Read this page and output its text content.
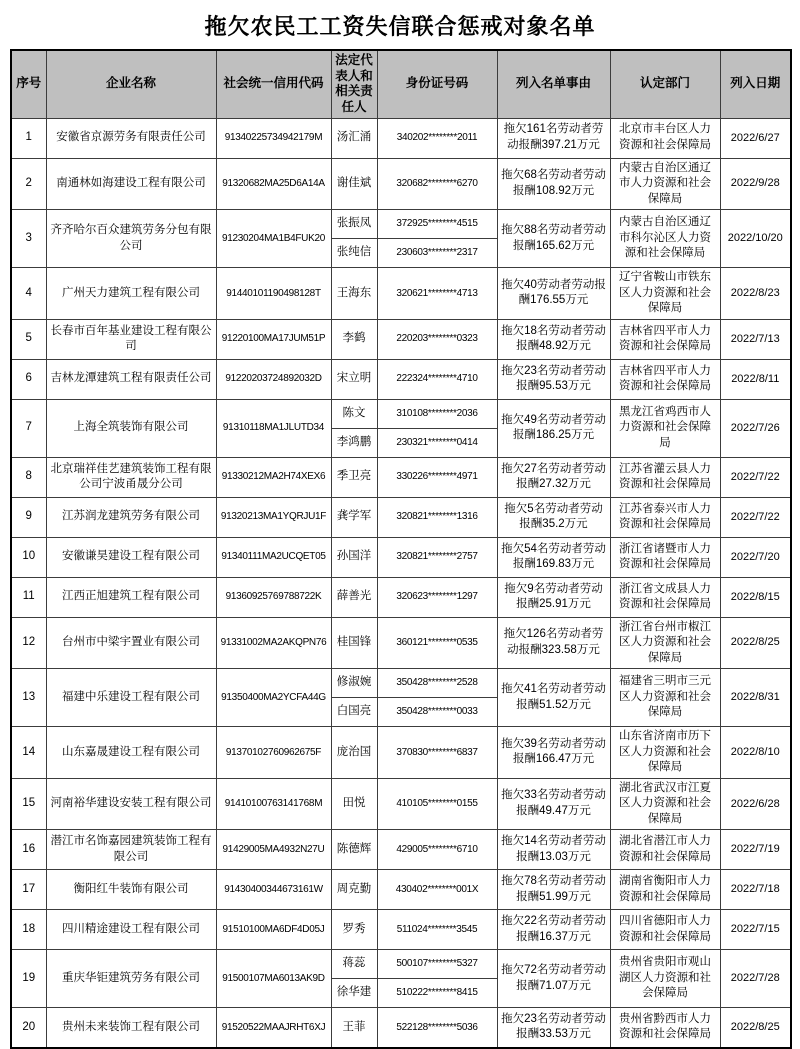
拖欠农民工工资失信联合惩戒对象名单
序号	企业名称	社会统一信用代码	法定代表人和相关责任人	身份证号码	列入名单事由	认定部门	列入日期
1	安徽省京源劳务有限责任公司	91340225734942179M	汤汇涌	340202********2011	拖欠161名劳动者劳动报酬397.21万元	北京市丰台区人力资源和社会保障局	2022/6/27
2	南通林如海建设工程有限公司	91320682MA25D6A14A	谢佳斌	320682********6270	拖欠68名劳动者劳动报酬108.92万元	内蒙古自治区通辽市人力资源和社会保障局	2022/9/28
3	齐齐哈尔百众建筑劳务分包有限公司	91230204MA1B4FUK20	张振凤	372925********4515	拖欠88名劳动者劳动报酬165.62万元	内蒙古自治区通辽市科尔沁区人力资源和社会保障局	2022/10/20
			张纯信	230603********2317			
4	广州天力建筑工程有限公司	91440101190498128T	王海东	320621********4713	拖欠40劳动者劳动报酬176.55万元	辽宁省鞍山市铁东区人力资源和社会保障局	2022/8/23
5	长春市百年基业建设工程有限公司	91220100MA17JUM51P	李鹤	220203********0323	拖欠18名劳动者劳动报酬48.92万元	吉林省四平市人力资源和社会保障局	2022/7/13
6	吉林龙潭建筑工程有限责任公司	91220203724892032D	宋立明	222324********4710	拖欠23名劳动者劳动报酬95.53万元	吉林省四平市人力资源和社会保障局	2022/8/11
7	上海全筑装饰有限公司	91310118MA1JLUTD34	陈文	310108********2036	拖欠49名劳动者劳动报酬186.25万元	黑龙江省鸡西市人力资源和社会保障局	2022/7/26
			李鸿鹏	230321********0414			
8	北京瑞祥佳艺建筑装饰工程有限公司宁波甬晟分公司	91330212MA2H74XEX6	季卫亮	330226********4971	拖欠27名劳动者劳动报酬27.32万元	江苏省灌云县人力资源和社会保障局	2022/7/22
9	江苏润龙建筑劳务有限公司	91320213MA1YQRJU1F	龚学军	320821********1316	拖欠5名劳动者劳动报酬35.2万元	江苏省泰兴市人力资源和社会保障局	2022/7/22
10	安徽谦昊建设工程有限公司	91340111MA2UCQET05	孙国洋	320821********2757	拖欠54名劳动者劳动报酬169.83万元	浙江省诸暨市人力资源和社会保障局	2022/7/20
11	江西正旭建筑工程有限公司	91360925769788722K	薛善光	320623********1297	拖欠9名劳动者劳动报酬25.91万元	浙江省文成县人力资源和社会保障局	2022/8/15
12	台州市中梁宇置业有限公司	91331002MA2AKQPN76	桂国锋	360121********0535	拖欠126名劳动者劳动报酬323.58万元	浙江省台州市椒江区人力资源和社会保障局	2022/8/25
13	福建中乐建设工程有限公司	91350400MA2YCFA44G	修淑婉	350428********2528	拖欠41名劳动者劳动报酬51.52万元	福建省三明市三元区人力资源和社会保障局	2022/8/31
			白国亮	350428********0033			
14	山东嘉晟建设工程有限公司	91370102760962675F	庞治国	370830********6837	拖欠39名劳动者劳动报酬166.47万元	山东省济南市历下区人力资源和社会保障局	2022/8/10
15	河南裕华建设安装工程有限公司	91410100763141768M	田悦	410105********0155	拖欠33名劳动者劳动报酬49.47万元	湖北省武汉市江夏区人力资源和社会保障局	2022/6/28
16	潜江市名饰嘉园建筑装饰工程有限公司	91429005MA4932N27U	陈德辉	429005********6710	拖欠14名劳动者劳动报酬13.03万元	湖北省潜江市人力资源和社会保障局	2022/7/19
17	衡阳红牛装饰有限公司	91430400344673161W	周克勤	430402********001X	拖欠78名劳动者劳动报酬51.99万元	湖南省衡阳市人力资源和社会保障局	2022/7/18
18	四川精途建设工程有限公司	91510100MA6DF4D05J	罗秀	511024********3545	拖欠22名劳动者劳动报酬16.37万元	四川省德阳市人力资源和社会保障局	2022/7/15
19	重庆华钜建筑劳务有限公司	91500107MA6013AK9D	蒋蕊	500107********5327	拖欠72名劳动者劳动报酬71.07万元	贵州省贵阳市观山湖区人力资源和社会保障局	2022/7/28
			徐华建	510222********8415			
20	贵州未来装饰工程有限公司	91520522MAAJRHT6XJ	王菲	522128********5036	拖欠23名劳动者劳动报酬33.53万元	贵州省黔西市人力资源和社会保障局	2022/8/25
